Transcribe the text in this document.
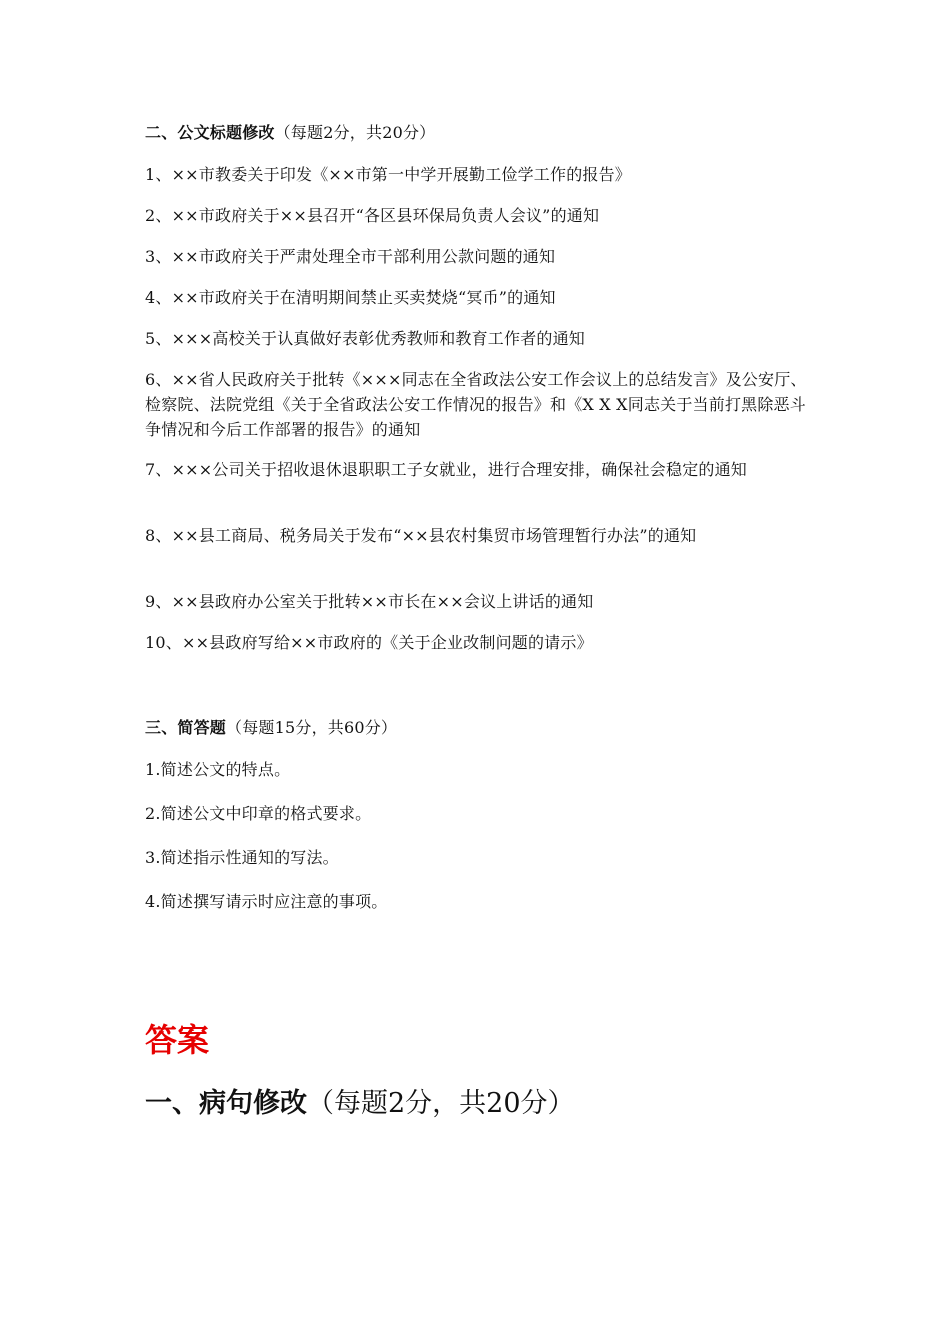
二、公文标题修改（每题2分，共20分）
1、××市教委关于印发《××市第一中学开展勤工俭学工作的报告》
2、××市政府关于××县召开“各区县环保局负责人会议”的通知
3、××市政府关于严肃处理全市干部利用公款问题的通知
4、××市政府关于在清明期间禁止买卖焚烧“冥币”的通知
5、×××高校关于认真做好表彰优秀教师和教育工作者的通知
6、××省人民政府关于批转《×××同志在全省政法公安工作会议上的总结发言》及公安厅、检察院、法院党组《关于全省政法公安工作情况的报告》和《X X X同志关于当前打黑除恶斗争情况和今后工作部署的报告》的通知
7、×××公司关于招收退休退职职工子女就业，进行合理安排，确保社会稳定的通知
8、××县工商局、税务局关于发布“××县农村集贸市场管理暂行办法”的通知
9、××县政府办公室关于批转××市长在××会议上讲话的通知
10、××县政府写给××市政府的《关于企业改制问题的请示》
三、简答题（每题15分，共60分）
1.简述公文的特点。
2.简述公文中印章的格式要求。
3.简述指示性通知的写法。
4.简述撰写请示时应注意的事项。
答案
一、病句修改（每题2分，共20分）
